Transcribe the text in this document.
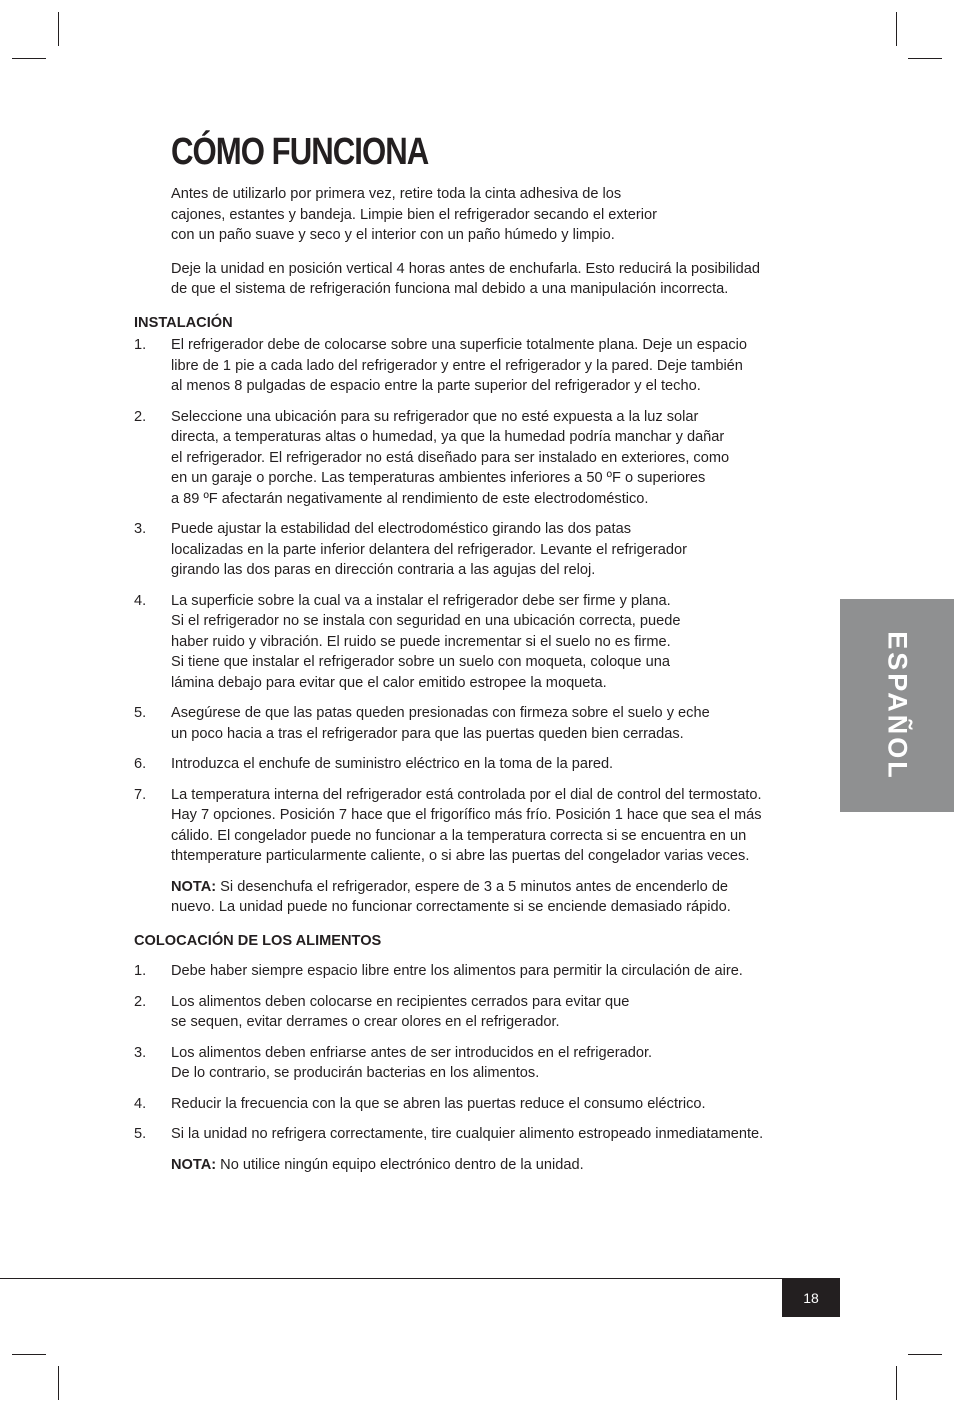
CÓMO FUNCIONA

Antes de utilizarlo por primera vez, retire toda la cinta adhesiva de los
cajones, estantes y bandeja. Limpie bien el refrigerador secando el exterior
con un paño suave y seco y el interior con un paño húmedo y limpio.

Deje la unidad en posición vertical 4 horas antes de enchufarla. Esto reducirá la posibilidad
de que el sistema de refrigeración funciona mal debido a una manipulación incorrecta.

INSTALACIÓN
1.	El refrigerador debe de colocarse sobre una superficie totalmente plana. Deje un espacio
libre de 1 pie a cada lado del refrigerador y entre el refrigerador y la pared. Deje también
al menos 8 pulgadas de espacio entre la parte superior del refrigerador y el techo.
2.	Seleccione una ubicación para su refrigerador que no esté expuesta a la luz solar
directa, a temperaturas altas o humedad, ya que la humedad podría manchar y dañar
el refrigerador. El refrigerador no está diseñado para ser instalado en exteriores, como
en un garaje o porche. Las temperaturas ambientes inferiores a 50 ºF o superiores
a 89 ºF afectarán negativamente al rendimiento de este electrodoméstico.
3.	Puede ajustar la estabilidad del electrodoméstico girando las dos patas
localizadas en la parte inferior delantera del refrigerador. Levante el refrigerador
girando las dos paras en dirección contraria a las agujas del reloj.
4.	La superficie sobre la cual va a instalar el refrigerador debe ser firme y plana.
Si el refrigerador no se instala con seguridad en una ubicación correcta, puede
haber ruido y vibración. El ruido se puede incrementar si el suelo no es firme.
Si tiene que instalar el refrigerador sobre un suelo con moqueta, coloque una
lámina debajo para evitar que el calor emitido estropee la moqueta.
5.	Asegúrese de que las patas queden presionadas con firmeza sobre el suelo y eche
un poco hacia a tras el refrigerador para que las puertas queden bien cerradas.
6.	Introduzca el enchufe de suministro eléctrico en la toma de la pared.
7.	La temperatura interna del refrigerador está controlada por el dial de control del termostato.
Hay 7 opciones. Posición 7 hace que el frigorífico más frío. Posición 1 hace que sea el más
cálido. El congelador puede no funcionar a la temperatura correcta si se encuentra en un
thtemperature particularmente caliente, o si abre las puertas del congelador varias veces.

NOTA: Si desenchufa el refrigerador, espere de 3 a 5 minutos antes de encenderlo de
nuevo. La unidad puede no funcionar correctamente si se enciende demasiado rápido.

COLOCACIÓN DE LOS ALIMENTOS
1.	Debe haber siempre espacio libre entre los alimentos para permitir la circulación de aire.
2.	Los alimentos deben colocarse en recipientes cerrados para evitar que
se sequen, evitar derrames o crear olores en el refrigerador.
3.	Los alimentos deben enfriarse antes de ser introducidos en el refrigerador.
De lo contrario, se producirán bacterias en los alimentos.
4.	Reducir la frecuencia con la que se abren las puertas reduce el consumo eléctrico.
5.	Si la unidad no refrigera correctamente, tire cualquier alimento estropeado inmediatamente.

NOTA: No utilice ningún equipo electrónico dentro de la unidad.

ESPAÑOL
18
